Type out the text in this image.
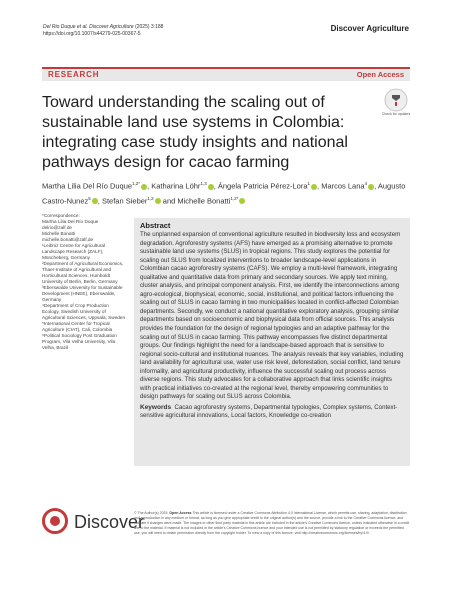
Del Rio Duque et al. Discover Agriculture (2025) 3:188
https://doi.org/10.1007/s44279-025-00367-5
Discover Agriculture
RESEARCH	Open Access
Toward understanding the scaling out of sustainable land use systems in Colombia: integrating case study insights and national pathways design for cacao farming
Check for updates
Martha Lilia Del Río Duque$^{1,2*}$ , Katharina Löhr$^{1,3}$ , Ángela Patricia Pérez-Lora$^1$ , Marcos Lana$^4$ , Augusto Castro-Nunez$^5$ , Stefan Sieber$^{1,2}$ and Michelle Bonatti$^{1,2*}$

*Correspondence:

Martha Lilia Del Río Duque

delrio@zalf.de

Michelle Bonatti

michelle.bonatti@zalf.de

¹Leibniz Centre for Agricultural Landscape Research (ZALF), Müncheberg, Germany

²Department of Agricultural Economics, Thaer-Institute of Agricultural and Horticultural Sciences, Humboldt University of Berlin, Berlin, Germany

³Eberswalde University for Sustainable Development (HNEE), Eberswalde, Germany

⁴Department of Crop Production Ecology, Swedish University of Agricultural Sciences, Uppsala, Sweden

⁵International Center for Tropical Agriculture (CIAT), Cali, Colombia

⁶Political Sociology Post Graduation Program, Vila Velha University, Vila Velha, Brazil

Abstract
The unplanned expansion of conventional agriculture resulted in biodiversity loss and ecosystem degradation. Agroforestry systems (AFS) have emerged as a promising alternative to promote sustainable land use systems (SLUS) in tropical regions. This study explores the potential for scaling out SLUS from localized interventions to broader landscape-level applications in Colombian cacao agroforestry systems (CAFS). We employ a multi-level framework, integrating qualitative and quantitative data from primary and secondary sources. We apply text mining, cluster analysis, and principal component analysis. First, we identify the interconnections among agro-ecological, biophysical, economic, social, institutional, and political factors influencing the scaling out of SLUS in cacao farming in two municipalities located in conflict-affected Colombian departments. Secondly, we conduct a national quantitative exploratory analysis, grouping similar departments based on socioeconomic and biophysical data from official sources. This analysis provides the foundation for the design of regional typologies and an adaptive pathway for the scaling out of SLUS in cacao farming. This pathway encompasses five distinct departmental groups. Our findings highlight the need for a landscape-based approach that is sensitive to regional socio-cultural and institutional nuances. The analysis reveals that key variables, including land availability for agricultural use, water use risk level, deforestation, social conflict, land tenure informality, and agricultural productivity, influence the successful scaling out process across diverse regions. This study advocates for a collaborative approach that links scientific insights with practical initiatives co-created at the regional level, thereby empowering communities to design pathways for scaling out SLUS across Colombia.
Keywords Cacao agroforestry systems, Departmental typologies, Complex systems, Context-sensitive agricultural innovations, Local factors, Knowledge co-creation
Discover
© The Author(s) 2025. Open Access This article is licensed under a Creative Commons Attribution 4.0 International License, which permits use, sharing, adaptation, distribution and reproduction in any medium or format, as long as you give appropriate credit to the original author(s) and the source, provide a link to the Creative Commons licence, and indicate if changes were made. The images or other third party material in this article are included in the article's Creative Commons licence, unless indicated otherwise in a credit line to the material. If material is not included in the article's Creative Commons licence and your intended use is not permitted by statutory regulation or exceeds the permitted use, you will need to obtain permission directly from the copyright holder. To view a copy of this licence, visit http://creativecommons.org/licenses/by/4.0/.
